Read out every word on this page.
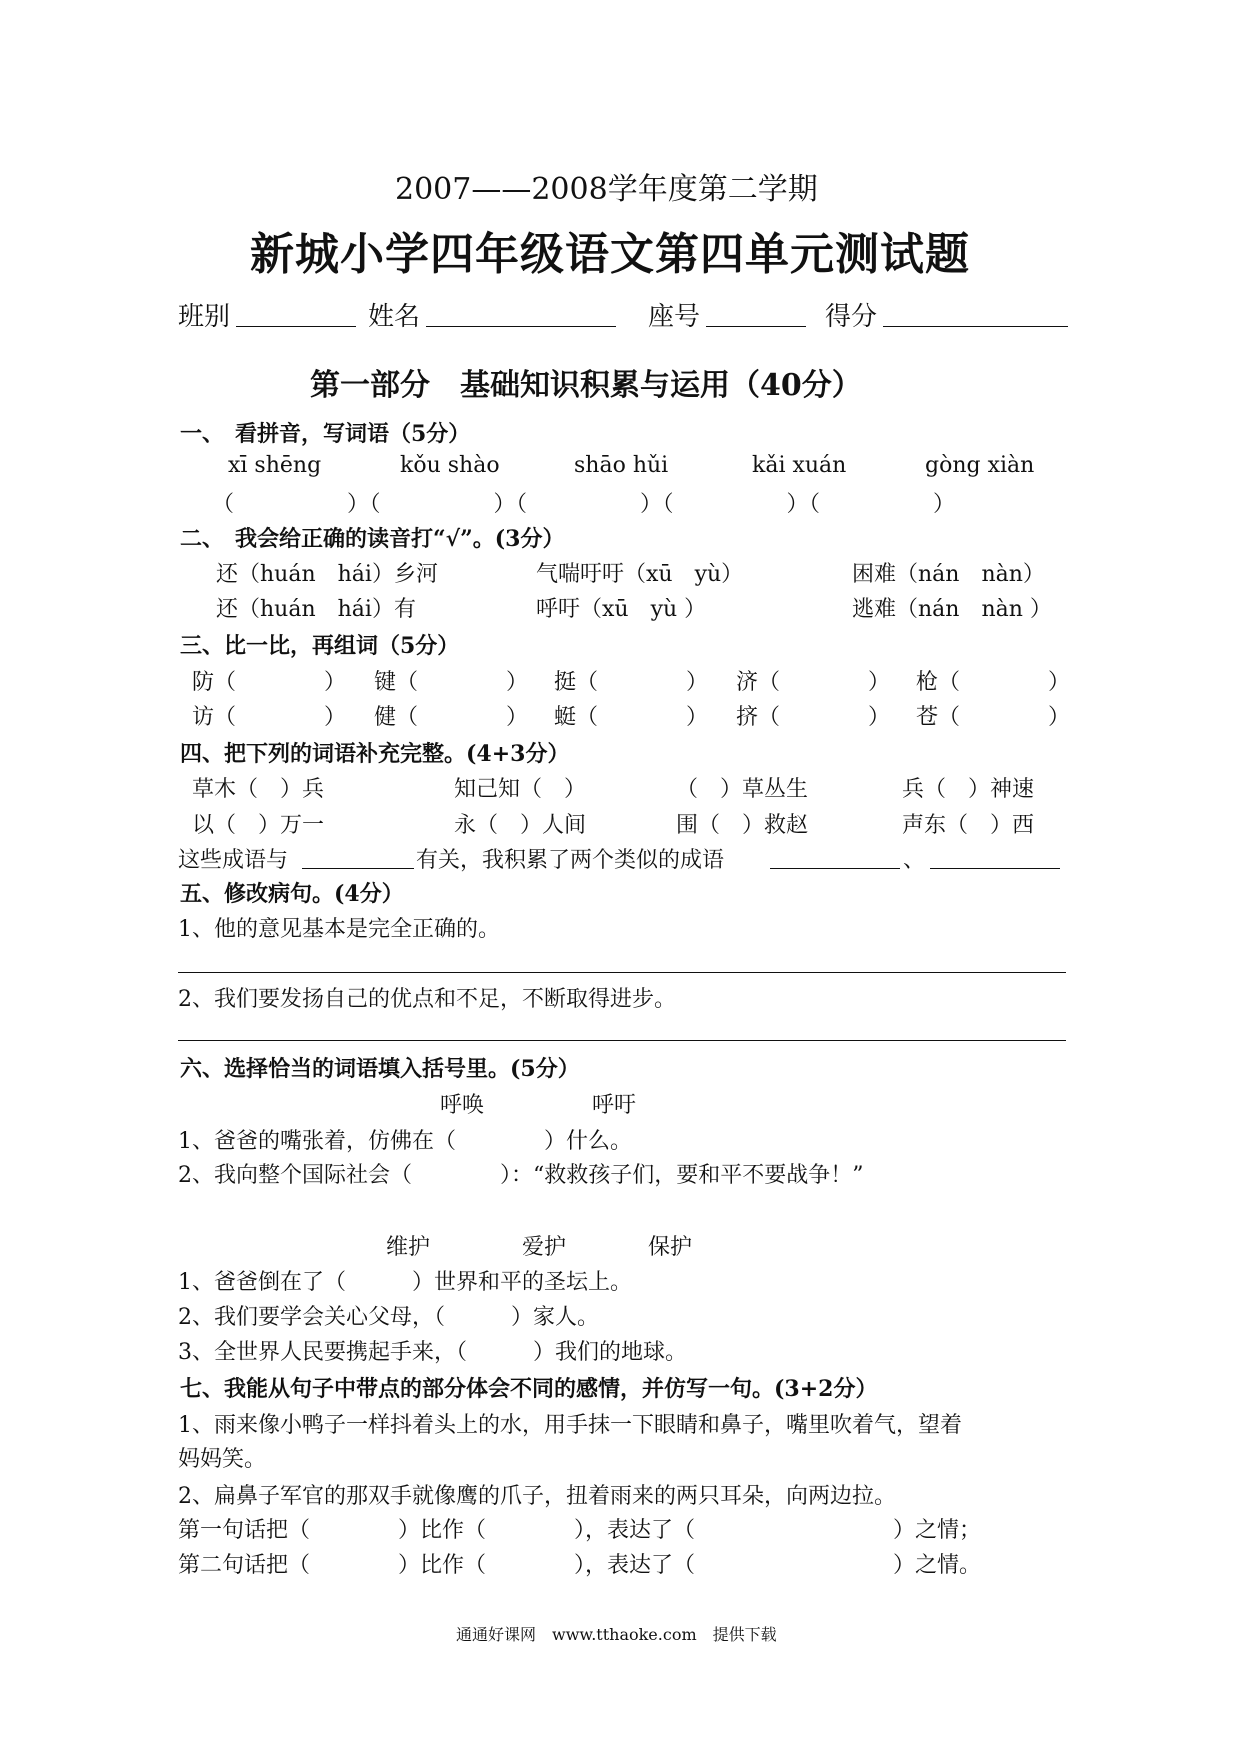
2007——2008学年度第二学期
新城小学四年级语文第四单元测试题
班别	姓名	座号	得分
第一部分　基础知识积累与运用（40分）
一、　看拼音，写词语（5分）
xī shēng	kǒu shào	shāo hǔi	kǎi xuán	gòng xiàn
（　　　　　）（　　　　　）（　　　　　）（　　　　　）（　　　　　）
二、　我会给正确的读音打“√”。(3分）
还（huán　hái）乡河	气喘吁吁（xū　yù）	困难（nán　nàn）
还（huán　hái）有	呼吁（xū　yù ）	逃难（nán　nàn ）
三、比一比，再组词（5分）
防（　　　　） 键（　　　　） 挺（　　　　） 济（　　　　） 枪（　　　　）
访（　　　　） 健（　　　　） 蜓（　　　　） 挤（　　　　） 苍（　　　　）
四、把下列的词语补充完整。(4+3分）
草木（　）兵	知己知（　）	（　）草丛生	兵（　）神速
以（　）万一	永（　）人间	围（　）救赵	声东（　）西
这些成语与	有关，我积累了两个类似的成语	、
五、修改病句。(4分）
1、他的意见基本是完全正确的。
2、我们要发扬自己的优点和不足，不断取得进步。
六、选择恰当的词语填入括号里。(5分）
呼唤	呼吁
1、爸爸的嘴张着，仿佛在（　　　　）什么。
2、我向整个国际社会（　　　　）：“救救孩子们，要和平不要战争！”
维护	爱护	保护
1、爸爸倒在了（　　　）世界和平的圣坛上。
2、我们要学会关心父母，（　　　）家人。
3、全世界人民要携起手来，（　　　）我们的地球。
七、我能从句子中带点的部分体会不同的感情，并仿写一句。(3+2分）
1、雨来像小鸭子一样抖着头上的水，用手抹一下眼睛和鼻子，嘴里吹着气，望着
妈妈笑。
2、扁鼻子军官的那双手就像鹰的爪子，扭着雨来的两只耳朵，向两边拉。
第一句话把（　　　　）比作（　　　　），表达了（　　　　　　　　　）之情；
第二句话把（　　　　）比作（　　　　），表达了（　　　　　　　　　）之情。
通通好课网　www.tthaoke.com　提供下载
